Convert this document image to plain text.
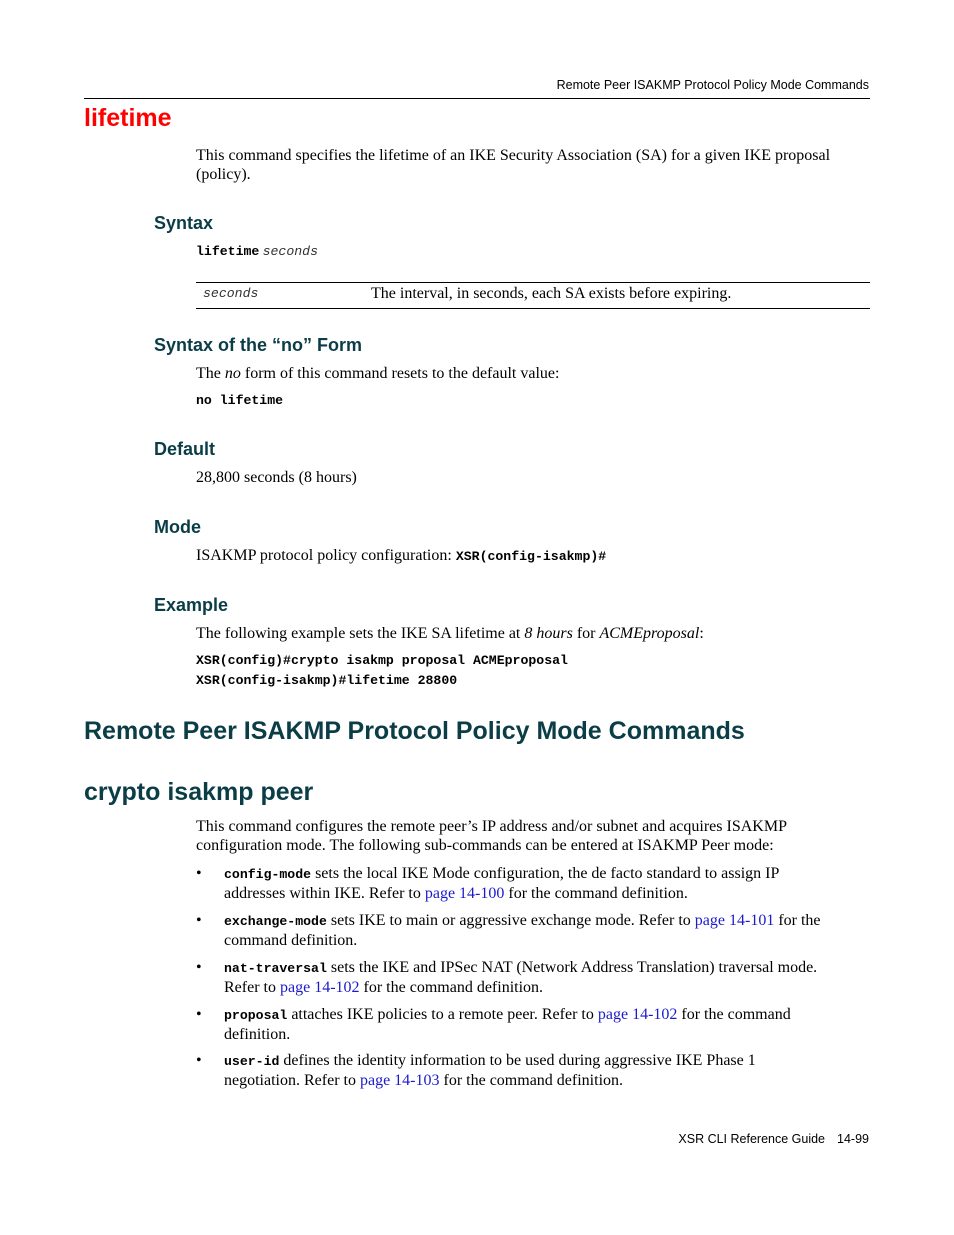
Remote Peer ISAKMP Protocol Policy Mode Commands
lifetime
This command specifies the lifetime of an IKE Security Association (SA) for a given IKE proposal (policy).
Syntax
lifetime seconds
seconds	The interval, in seconds, each SA exists before expiring.
Syntax of the “no” Form
The no form of this command resets to the default value:
no lifetime
Default
28,800 seconds (8 hours)
Mode
ISAKMP protocol policy configuration: XSR(config-isakmp)#
Example
The following example sets the IKE SA lifetime at 8 hours for ACMEproposal:
XSR(config)#crypto isakmp proposal ACMEproposal
XSR(config-isakmp)#lifetime 28800
Remote Peer ISAKMP Protocol Policy Mode Commands
crypto isakmp peer
This command configures the remote peer’s IP address and/or subnet and acquires ISAKMP
configuration mode. The following sub-commands can be entered at ISAKMP Peer mode:
• config-mode sets the local IKE Mode configuration, the de facto standard to assign IP
addresses within IKE. Refer to page 14-100 for the command definition.
• exchange-mode sets IKE to main or aggressive exchange mode. Refer to page 14-101 for the
command definition.
• nat-traversal sets the IKE and IPSec NAT (Network Address Translation) traversal mode.
Refer to page 14-102 for the command definition.
• proposal attaches IKE policies to a remote peer. Refer to page 14-102 for the command
definition.
• user-id defines the identity information to be used during aggressive IKE Phase 1
negotiation. Refer to page 14-103 for the command definition.
XSR CLI Reference Guide 14-99
